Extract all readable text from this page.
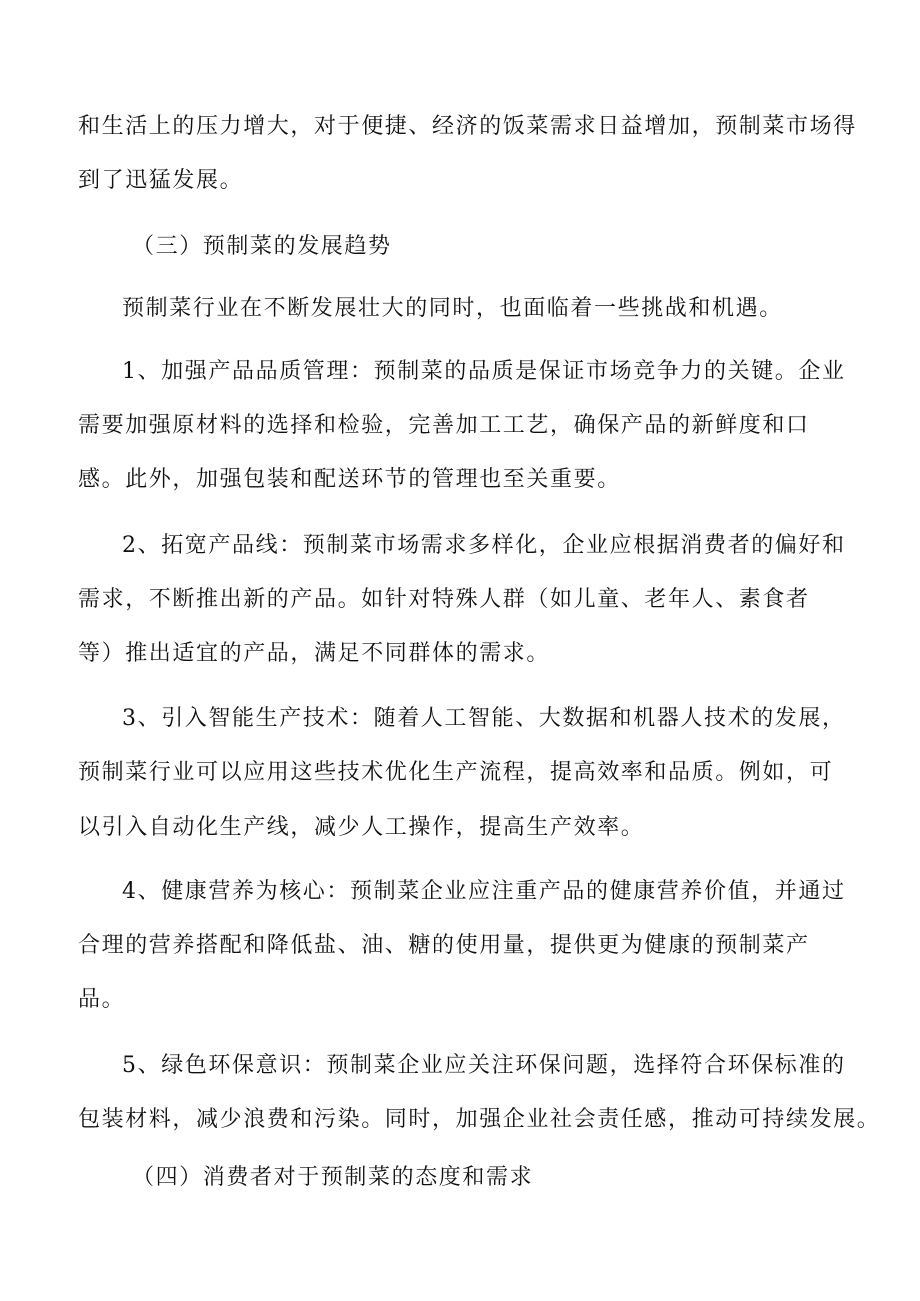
和生活上的压力增大，对于便捷、经济的饭菜需求日益增加，预制菜市场得
到了迅猛发展。
（三）预制菜的发展趋势
预制菜行业在不断发展壮大的同时，也面临着一些挑战和机遇。
1、加强产品品质管理：预制菜的品质是保证市场竞争力的关键。企业
需要加强原材料的选择和检验，完善加工工艺，确保产品的新鲜度和口
感。此外，加强包装和配送环节的管理也至关重要。
2、拓宽产品线：预制菜市场需求多样化，企业应根据消费者的偏好和
需求，不断推出新的产品。如针对特殊人群（如儿童、老年人、素食者
等）推出适宜的产品，满足不同群体的需求。
3、引入智能生产技术：随着人工智能、大数据和机器人技术的发展，
预制菜行业可以应用这些技术优化生产流程，提高效率和品质。例如，可
以引入自动化生产线，减少人工操作，提高生产效率。
4、健康营养为核心：预制菜企业应注重产品的健康营养价值，并通过
合理的营养搭配和降低盐、油、糖的使用量，提供更为健康的预制菜产
品。
5、绿色环保意识：预制菜企业应关注环保问题，选择符合环保标准的
包装材料，减少浪费和污染。同时，加强企业社会责任感，推动可持续发展。
（四）消费者对于预制菜的态度和需求
